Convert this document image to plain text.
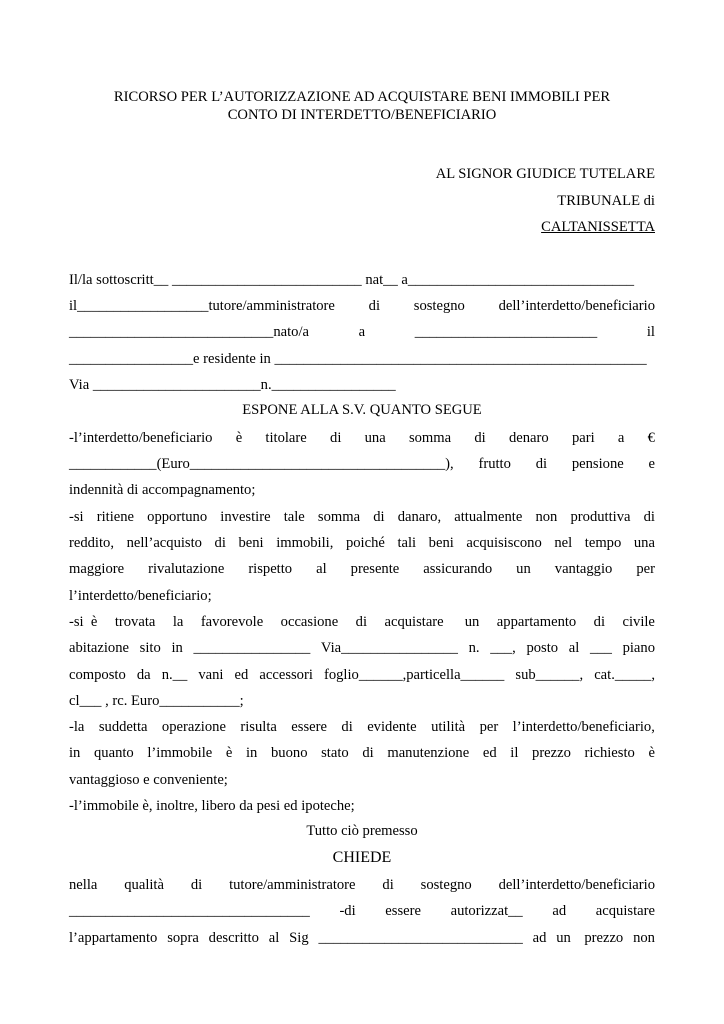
RICORSO PER L’AUTORIZZAZIONE AD ACQUISTARE BENI IMMOBILI PER
CONTO DI INTERDETTO/BENEFICIARIO
AL SIGNOR GIUDICE TUTELARE
TRIBUNALE di
CALTANISSETTA
Il/la sottoscritt__ __________________________ nat__ a_______________________________
il__________________tutore/amministratore di sostegno dell’interdetto/beneficiario
____________________________nato/a	a	_________________________	il
_________________e residente in ___________________________________________________
Via _______________________n._________________
ESPONE ALLA S.V. QUANTO SEGUE
-l’interdetto/beneficiario è titolare di una somma di denaro pari a €
____________(Euro___________________________________), frutto di pensione e
indennità di accompagnamento;
-si ritiene opportuno investire tale somma di danaro, attualmente non produttiva di
reddito, nell’acquisto di beni immobili, poiché tali beni acquisiscono nel tempo una
maggiore rivalutazione rispetto al presente assicurando un vantaggio per
l’interdetto/beneficiario;
-si  è trovata la favorevole occasione di acquistare un appartamento di civile
abitazione sito in ________________ Via________________ n. ___, posto al ___ piano
composto da n.__ vani ed accessori foglio______,particella______ sub______, cat._____,
cl___ , rc. Euro___________;
-la suddetta operazione risulta essere di evidente utilità per l’interdetto/beneficiario,
in quanto l’immobile è in buono stato di manutenzione ed il prezzo richiesto è
vantaggioso e conveniente;
-l’immobile è, inoltre, libero da pesi ed ipoteche;
Tutto ciò premesso
CHIEDE
nella qualità di tutore/amministratore di sostegno dell’interdetto/beneficiario
_________________________________ -di essere autorizzat__ ad acquistare
l’appartamento sopra descritto al Sig ____________________________ ad un prezzo non
